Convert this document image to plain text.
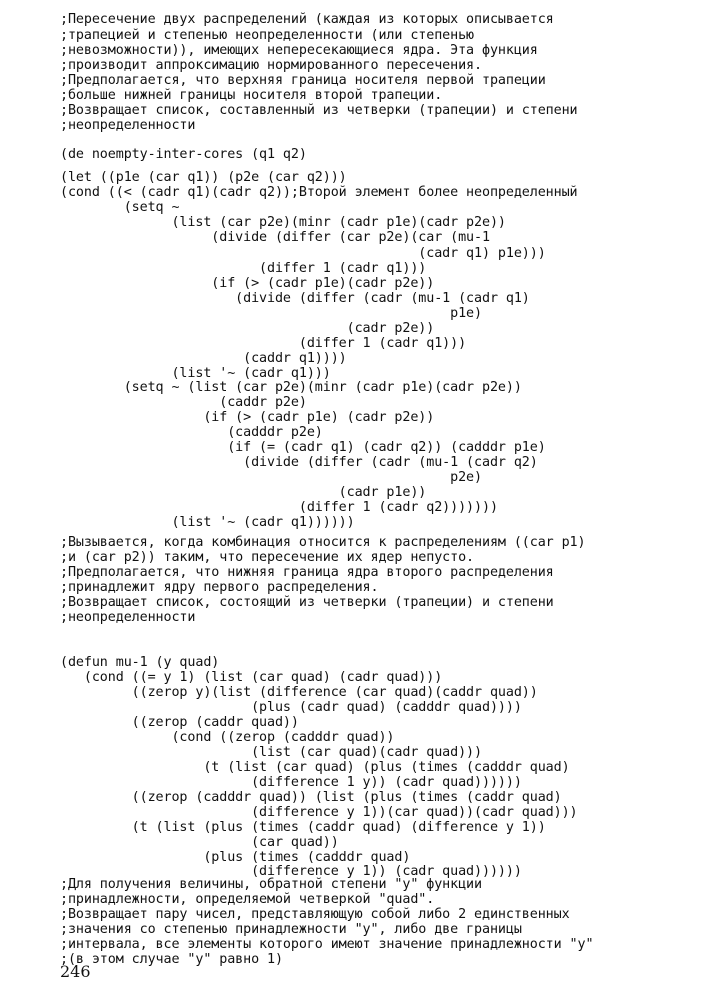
;Пересечение двух распределений (каждая из которых описывается
;трапецией и степенью неопределенности (или степенью
;невозможности)), имеющих непересекающиеся ядра. Эта функция
;производит аппроксимацию нормированного пересечения.
;Предполагается, что верхняя граница носителя первой трапеции
;больше нижней границы носителя второй трапеции.
;Возвращает список, составленный из четверки (трапеции) и степени
;неопределенности
(de noempty-inter-cores (q1 q2)
(let ((p1e (car q1)) (p2e (car q2)))
(cond ((< (cadr q1)(cadr q2));Второй элемент более неопределенный
(setq ~
(list (car p2e)(minr (cadr p1e)(cadr p2e))
(divide (differ (car p2e)(car (mu-1
(cadr q1) p1e)))
(differ 1 (cadr q1)))
(if (> (cadr p1e)(cadr p2e))
(divide (differ (cadr (mu-1 (cadr q1)
p1e)
(cadr p2e))
(differ 1 (cadr q1)))
(caddr q1))))
(list '~ (cadr q1)))
(setq ~ (list (car p2e)(minr (cadr p1e)(cadr p2e))
(caddr p2e)
(if (> (cadr p1e) (cadr p2e))
(cadddr p2e)
(if (= (cadr q1) (cadr q2)) (cadddr p1e)
(divide (differ (cadr (mu-1 (cadr q2)
p2e)
(cadr p1e))
(differ 1 (cadr q2)))))))
(list '~ (cadr q1))))))
;Вызывается, когда комбинация относится к распределениям ((car p1)
;и (car p2)) таким, что пересечение их ядер непусто.
;Предполагается, что нижняя граница ядра второго распределения
;принадлежит ядру первого распределения.
;Возвращает список, состоящий из четверки (трапеции) и степени
;неопределенности
(defun mu-1 (y quad)
(cond ((= y 1) (list (car quad) (cadr quad)))
((zerop y)(list (difference (car quad)(caddr quad))
(plus (cadr quad) (cadddr quad))))
((zerop (caddr quad))
(cond ((zerop (cadddr quad))
(list (car quad)(cadr quad)))
(t (list (car quad) (plus (times (cadddr quad)
(difference 1 y)) (cadr quad))))))
((zerop (cadddr quad)) (list (plus (times (caddr quad)
(difference y 1))(car quad))(cadr quad)))
(t (list (plus (times (caddr quad) (difference y 1))
(car quad))
(plus (times (cadddr quad)
(difference y 1)) (cadr quad))))))
;Для получения величины, обратной степени "y" функции
;принадлежности, определяемой четверкой "quad".
;Возвращает пару чисел, представляющую собой либо 2 единственных
;значения со степенью принадлежности "y", либо две границы
;интервала, все элементы которого имеют значение принадлежности "y"
;(в этом случае "y" равно 1)
246
